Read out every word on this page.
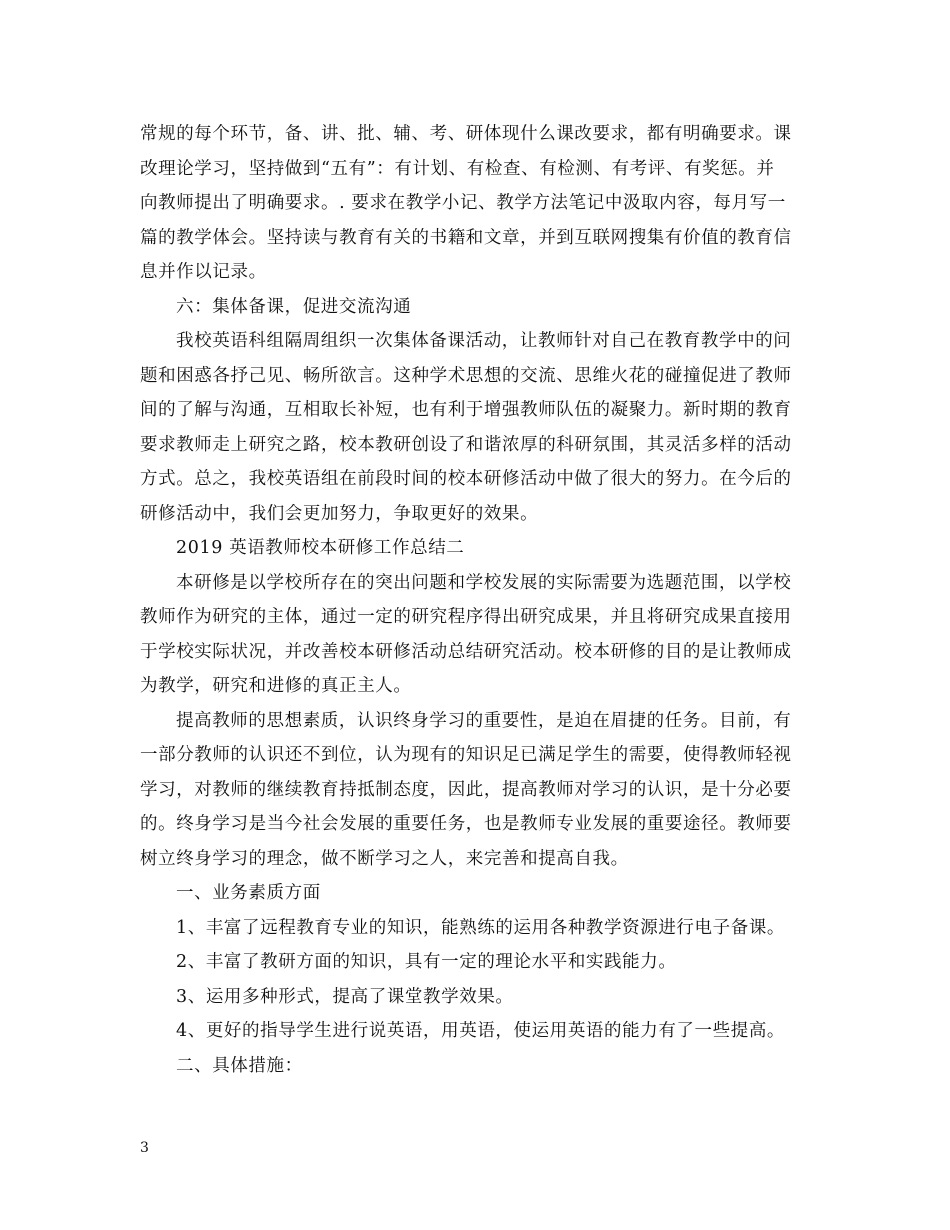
常规的每个环节，备、讲、批、辅、考、研体现什么课改要求，都有明确要求。课
改理论学习，坚持做到“五有”：有计划、有检查、有检测、有考评、有奖惩。并
向教师提出了明确要求。. 要求在教学小记、教学方法笔记中汲取内容，每月写一
篇的教学体会。坚持读与教育有关的书籍和文章，并到互联网搜集有价值的教育信
息并作以记录。
六：集体备课，促进交流沟通
我校英语科组隔周组织一次集体备课活动，让教师针对自己在教育教学中的问
题和困惑各抒己见、畅所欲言。这种学术思想的交流、思维火花的碰撞促进了教师
间的了解与沟通，互相取长补短，也有利于增强教师队伍的凝聚力。新时期的教育
要求教师走上研究之路，校本教研创设了和谐浓厚的科研氛围，其灵活多样的活动
方式。总之，我校英语组在前段时间的校本研修活动中做了很大的努力。在今后的
研修活动中，我们会更加努力，争取更好的效果。
2019 英语教师校本研修工作总结二
本研修是以学校所存在的突出问题和学校发展的实际需要为选题范围，以学校
教师作为研究的主体，通过一定的研究程序得出研究成果，并且将研究成果直接用
于学校实际状况，并改善校本研修活动总结研究活动。校本研修的目的是让教师成
为教学，研究和进修的真正主人。
提高教师的思想素质，认识终身学习的重要性，是迫在眉捷的任务。目前，有
一部分教师的认识还不到位，认为现有的知识足已满足学生的需要，使得教师轻视
学习，对教师的继续教育持抵制态度，因此，提高教师对学习的认识，是十分必要
的。终身学习是当今社会发展的重要任务，也是教师专业发展的重要途径。教师要
树立终身学习的理念，做不断学习之人，来完善和提高自我。
一、业务素质方面
1、丰富了远程教育专业的知识，能熟练的运用各种教学资源进行电子备课。
2、丰富了教研方面的知识，具有一定的理论水平和实践能力。
3、运用多种形式，提高了课堂教学效果。
4、更好的指导学生进行说英语，用英语，使运用英语的能力有了一些提高。
二、具体措施：
3
